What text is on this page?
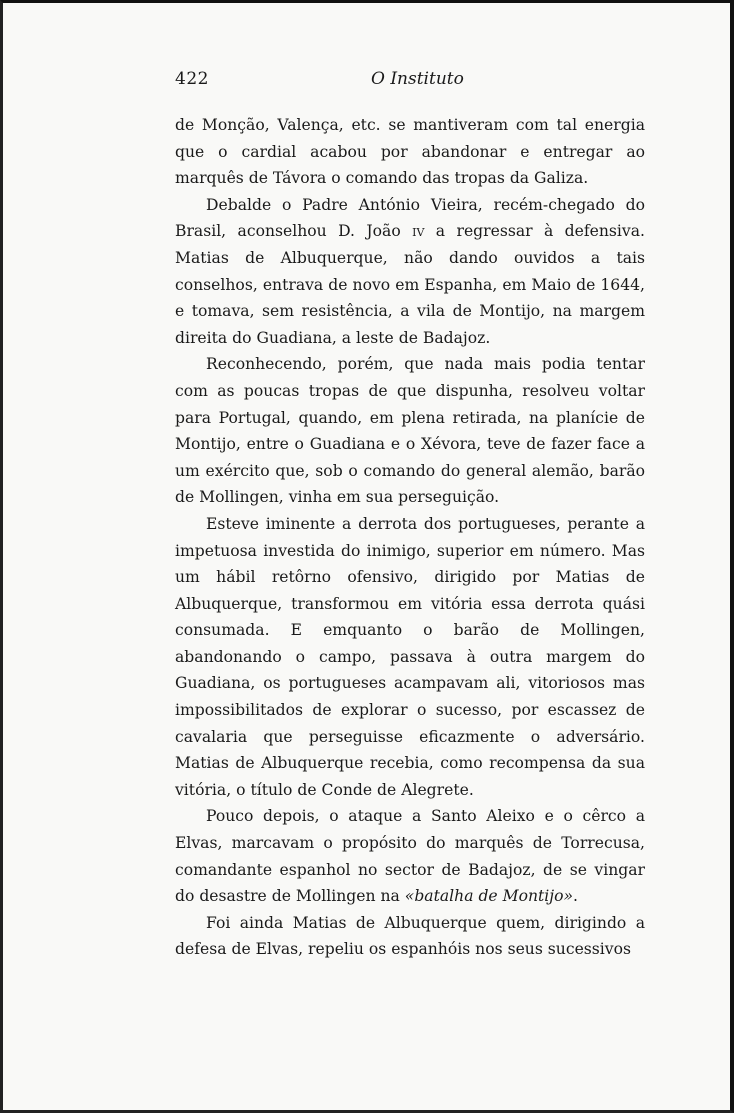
422	O Instituto

de Monção, Valença, etc. se mantiveram com tal energia que o cardial acabou por abandonar e entregar ao marquês de Távora o comando das tropas da Galiza.

Debalde o Padre António Vieira, recém-chegado do Brasil, aconselhou D. João iv a regressar à defensiva. Matias de Albuquerque, não dando ouvidos a tais conselhos, entrava de novo em Espanha, em Maio de 1644, e tomava, sem resistência, a vila de Montijo, na margem direita do Guadiana, a leste de Badajoz.

Reconhecendo, porém, que nada mais podia tentar com as poucas tropas de que dispunha, resolveu voltar para Portugal, quando, em plena retirada, na planície de Montijo, entre o Guadiana e o Xévora, teve de fazer face a um exército que, sob o comando do general alemão, barão de Mollingen, vinha em sua perseguição.

Esteve iminente a derrota dos portugueses, perante a impetuosa investida do inimigo, superior em número. Mas um hábil retôrno ofensivo, dirigido por Matias de Albuquerque, transformou em vitória essa derrota quási consumada. E emquanto o barão de Mollingen, abandonando o campo, passava à outra margem do Guadiana, os portugueses acampavam ali, vitoriosos mas impossibilitados de explorar o sucesso, por escassez de cavalaria que perseguisse eficazmente o adversário. Matias de Albuquerque recebia, como recompensa da sua vitória, o título de Conde de Alegrete.

Pouco depois, o ataque a Santo Aleixo e o cêrco a Elvas, marcavam o propósito do marquês de Torrecusa, comandante espanhol no sector de Badajoz, de se vingar do desastre de Mollingen na «batalha de Montijo».

Foi ainda Matias de Albuquerque quem, dirigindo a defesa de Elvas, repeliu os espanhóis nos seus sucessivos
